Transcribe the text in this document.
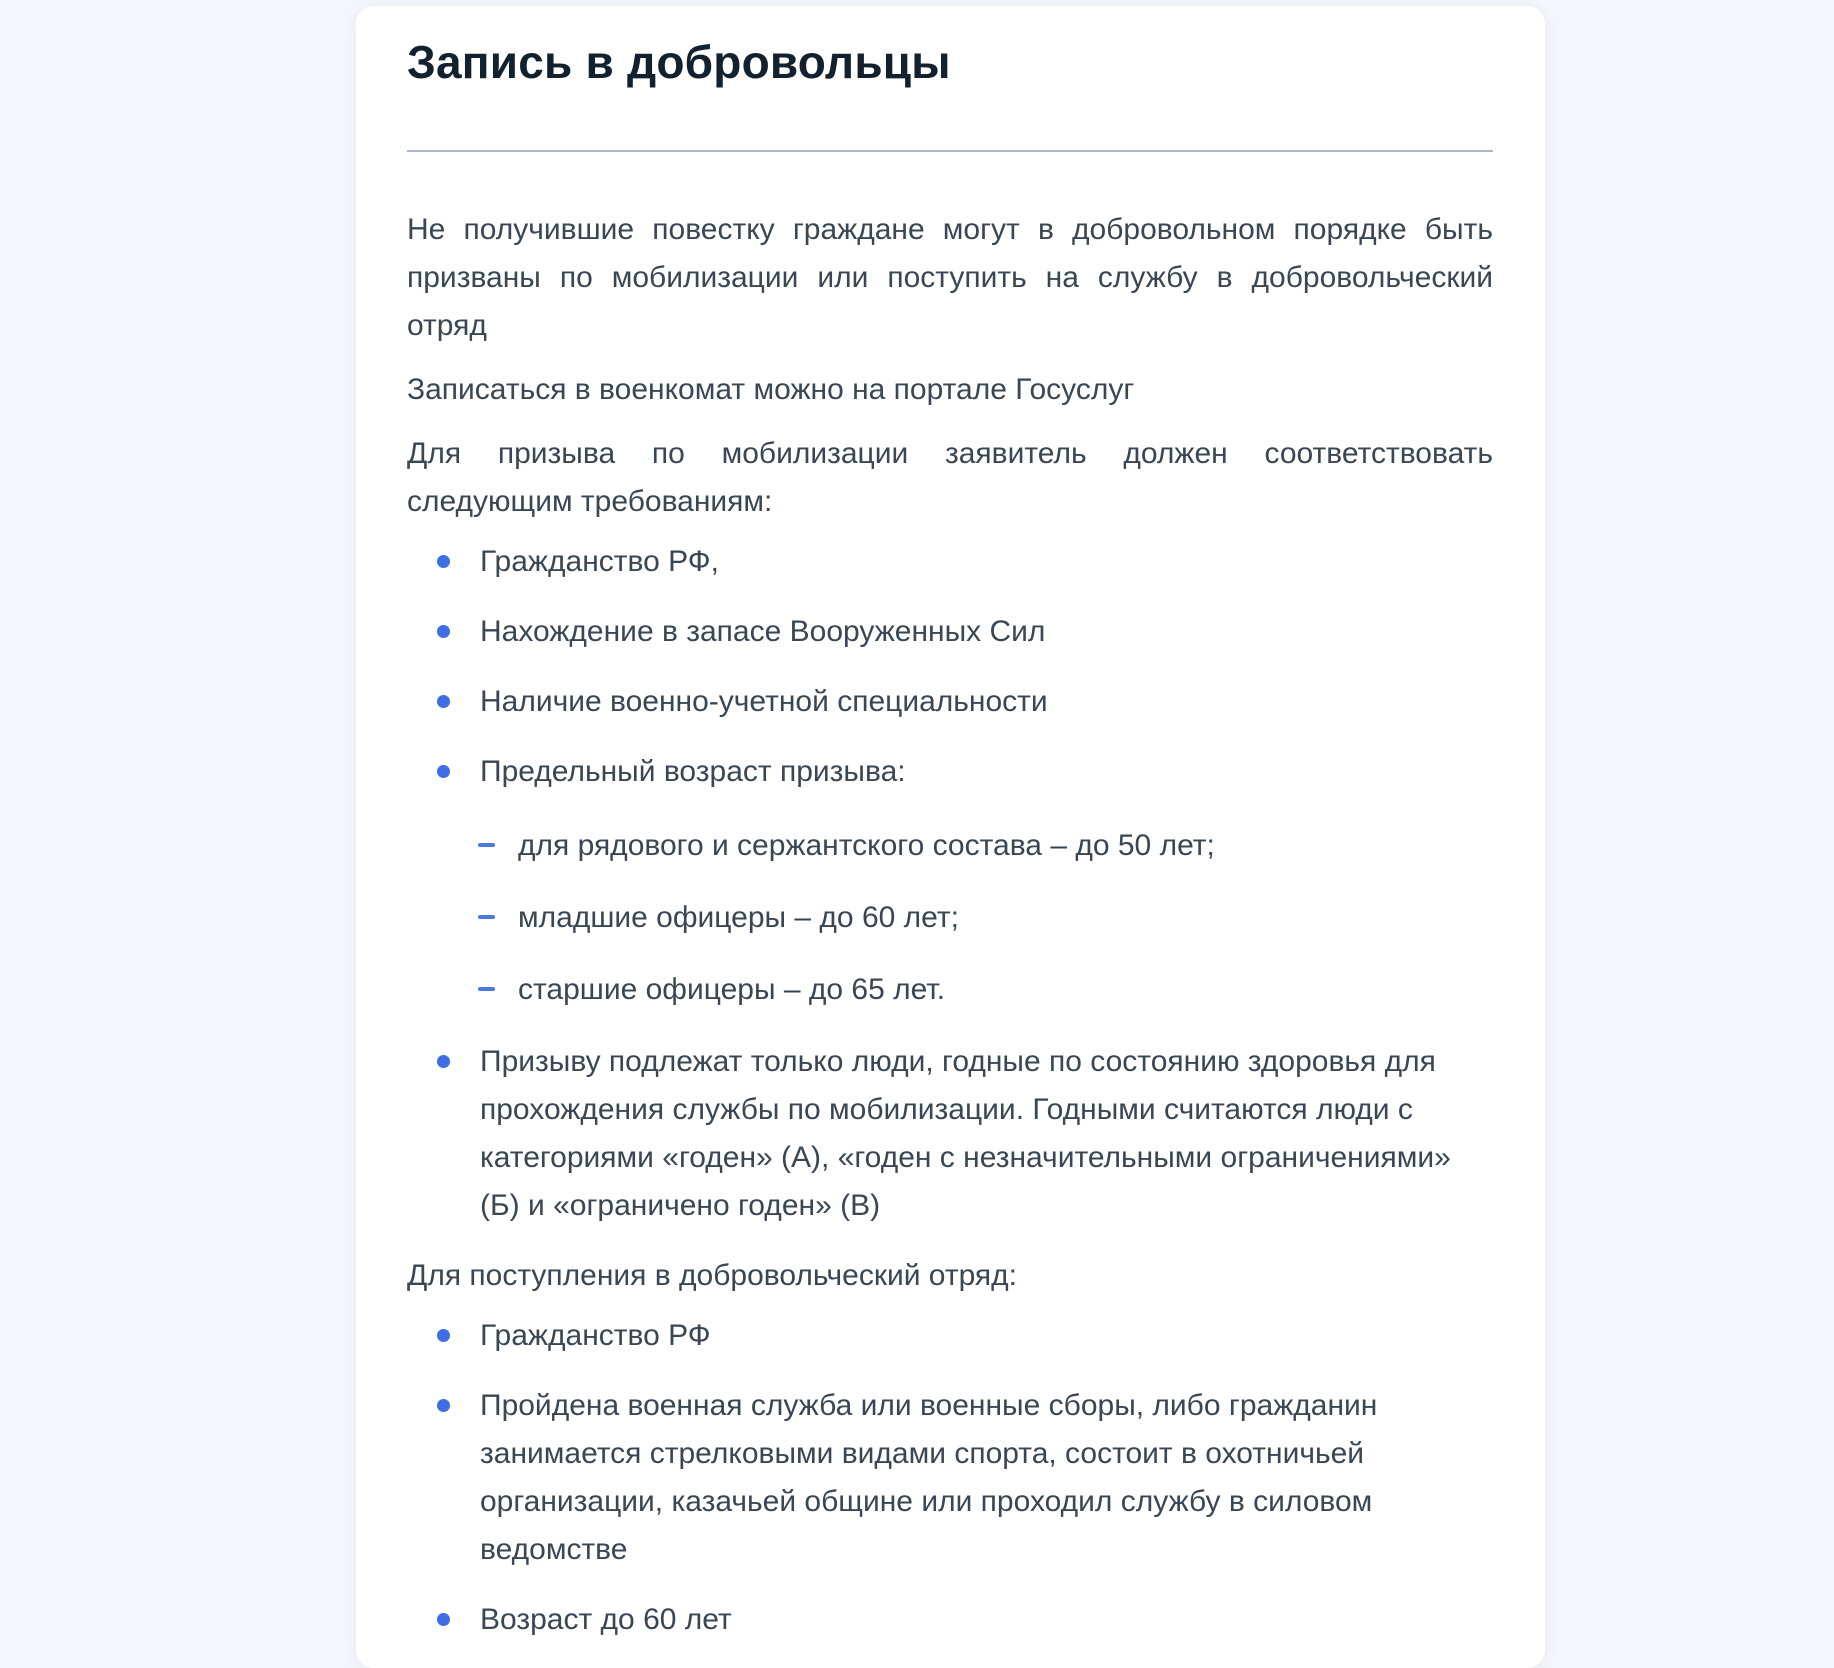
Запись в добровольцы

Не получившие повестку граждане могут в добровольном порядке быть призваны по мобилизации или поступить на службу в добровольческий отряд

Записаться в военкомат можно на портале Госуслуг

Для призыва по мобилизации заявитель должен соответствовать следующим требованиям:

Гражданство РФ,
Нахождение в запасе Вооруженных Сил
Наличие военно-учетной специальности
Предельный возраст призыва:
для рядового и сержантского состава – до 50 лет;
младшие офицеры – до 60 лет;
старшие офицеры – до 65 лет.
Призыву подлежат только люди, годные по состоянию здоровья для прохождения службы по мобилизации. Годными считаются люди с категориями «годен» (А), «годен с незначительными ограничениями» (Б) и «ограничено годен» (В)

Для поступления в добровольческий отряд:

Гражданство РФ
Пройдена военная служба или военные сборы, либо гражданин занимается стрелковыми видами спорта, состоит в охотничьей организации, казачьей общине или проходил службу в силовом ведомстве
Возраст до 60 лет
